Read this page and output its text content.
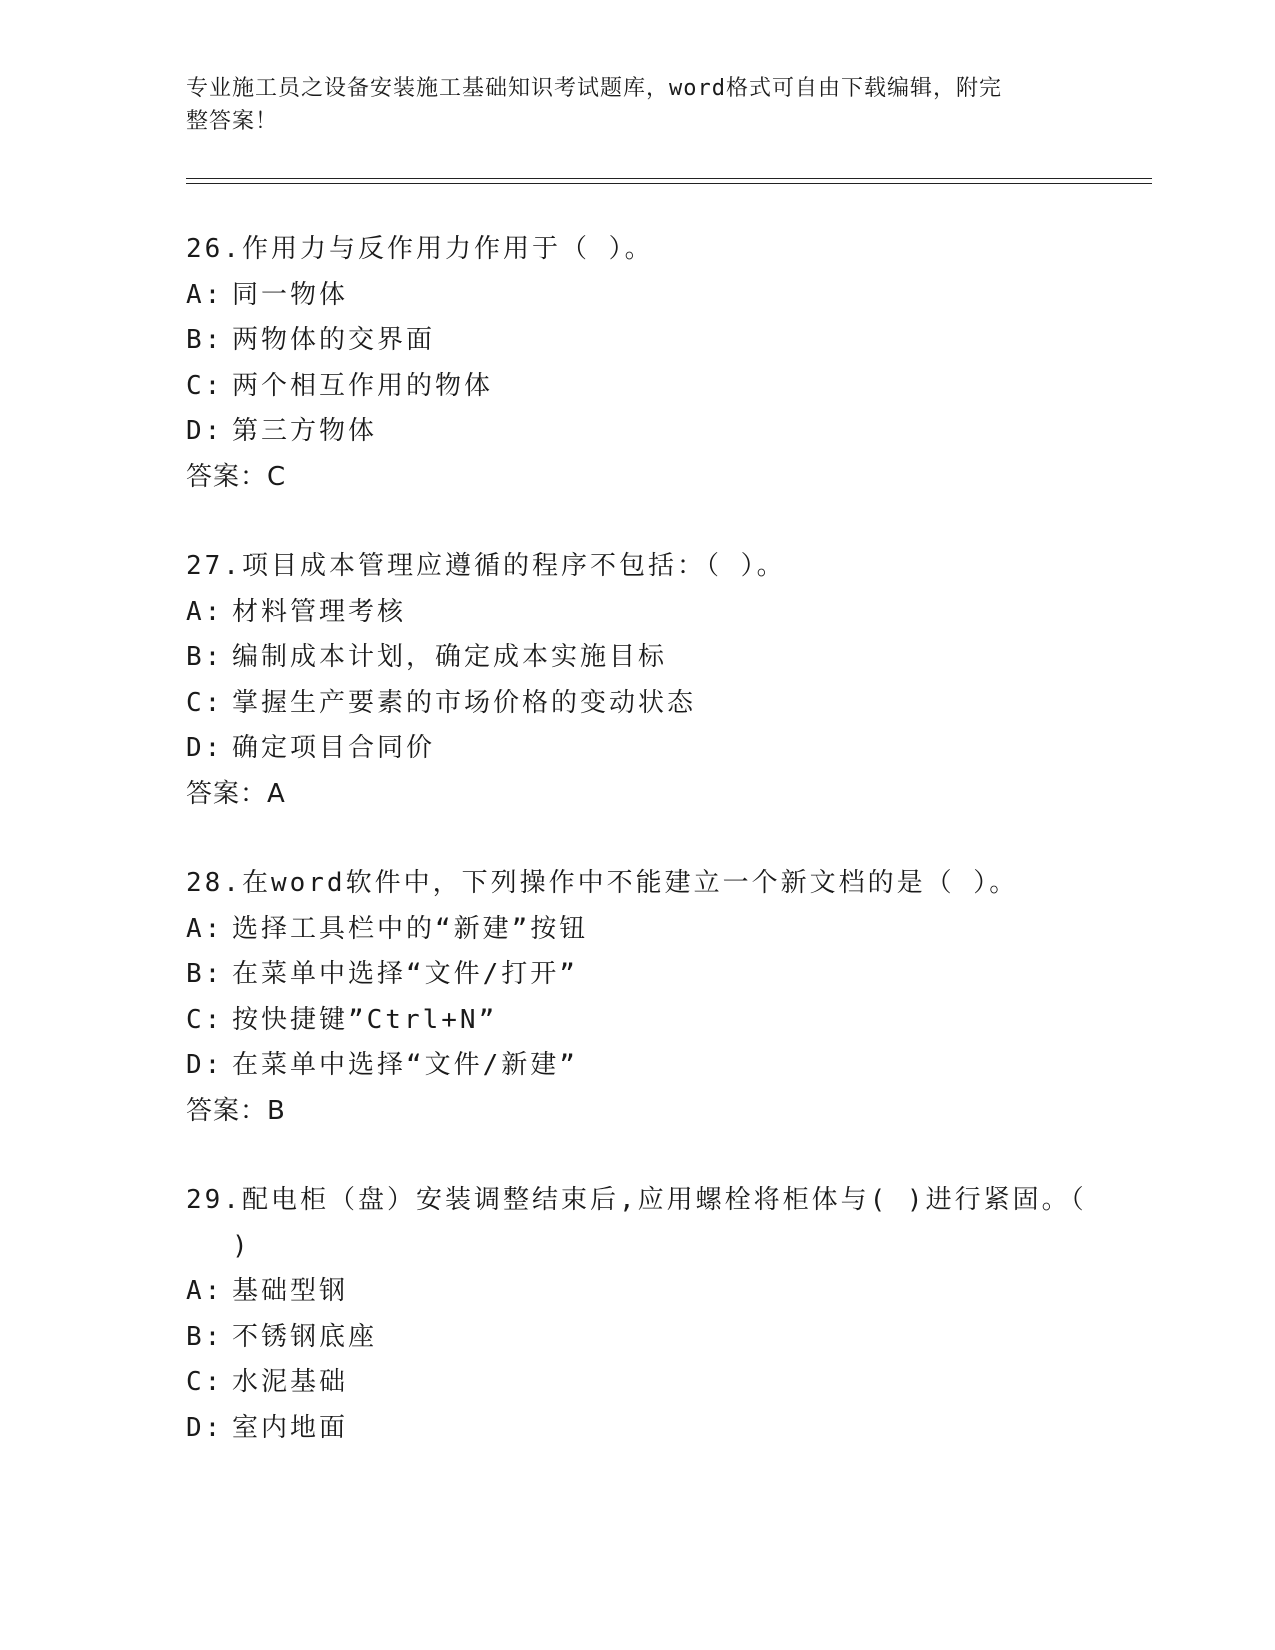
专业施工员之设备安装施工基础知识考试题库，word格式可自由下载编辑，附完
整答案！
26.作用力与反作用力作用于（ ）。
A: 同一物体
B: 两物体的交界面
C: 两个相互作用的物体
D: 第三方物体
答案：C
27.项目成本管理应遵循的程序不包括：（ ）。
A: 材料管理考核
B: 编制成本计划，确定成本实施目标
C: 掌握生产要素的市场价格的变动状态
D: 确定项目合同价
答案：A
28.在word软件中，下列操作中不能建立一个新文档的是（ ）。
A: 选择工具栏中的“新建”按钮
B: 在菜单中选择“文件/打开”
C: 按快捷键”Ctrl+N”
D: 在菜单中选择“文件/新建”
答案：B
29.配电柜（盘）安装调整结束后,应用螺栓将柜体与( )进行紧固。（
)
A: 基础型钢
B: 不锈钢底座
C: 水泥基础
D: 室内地面
